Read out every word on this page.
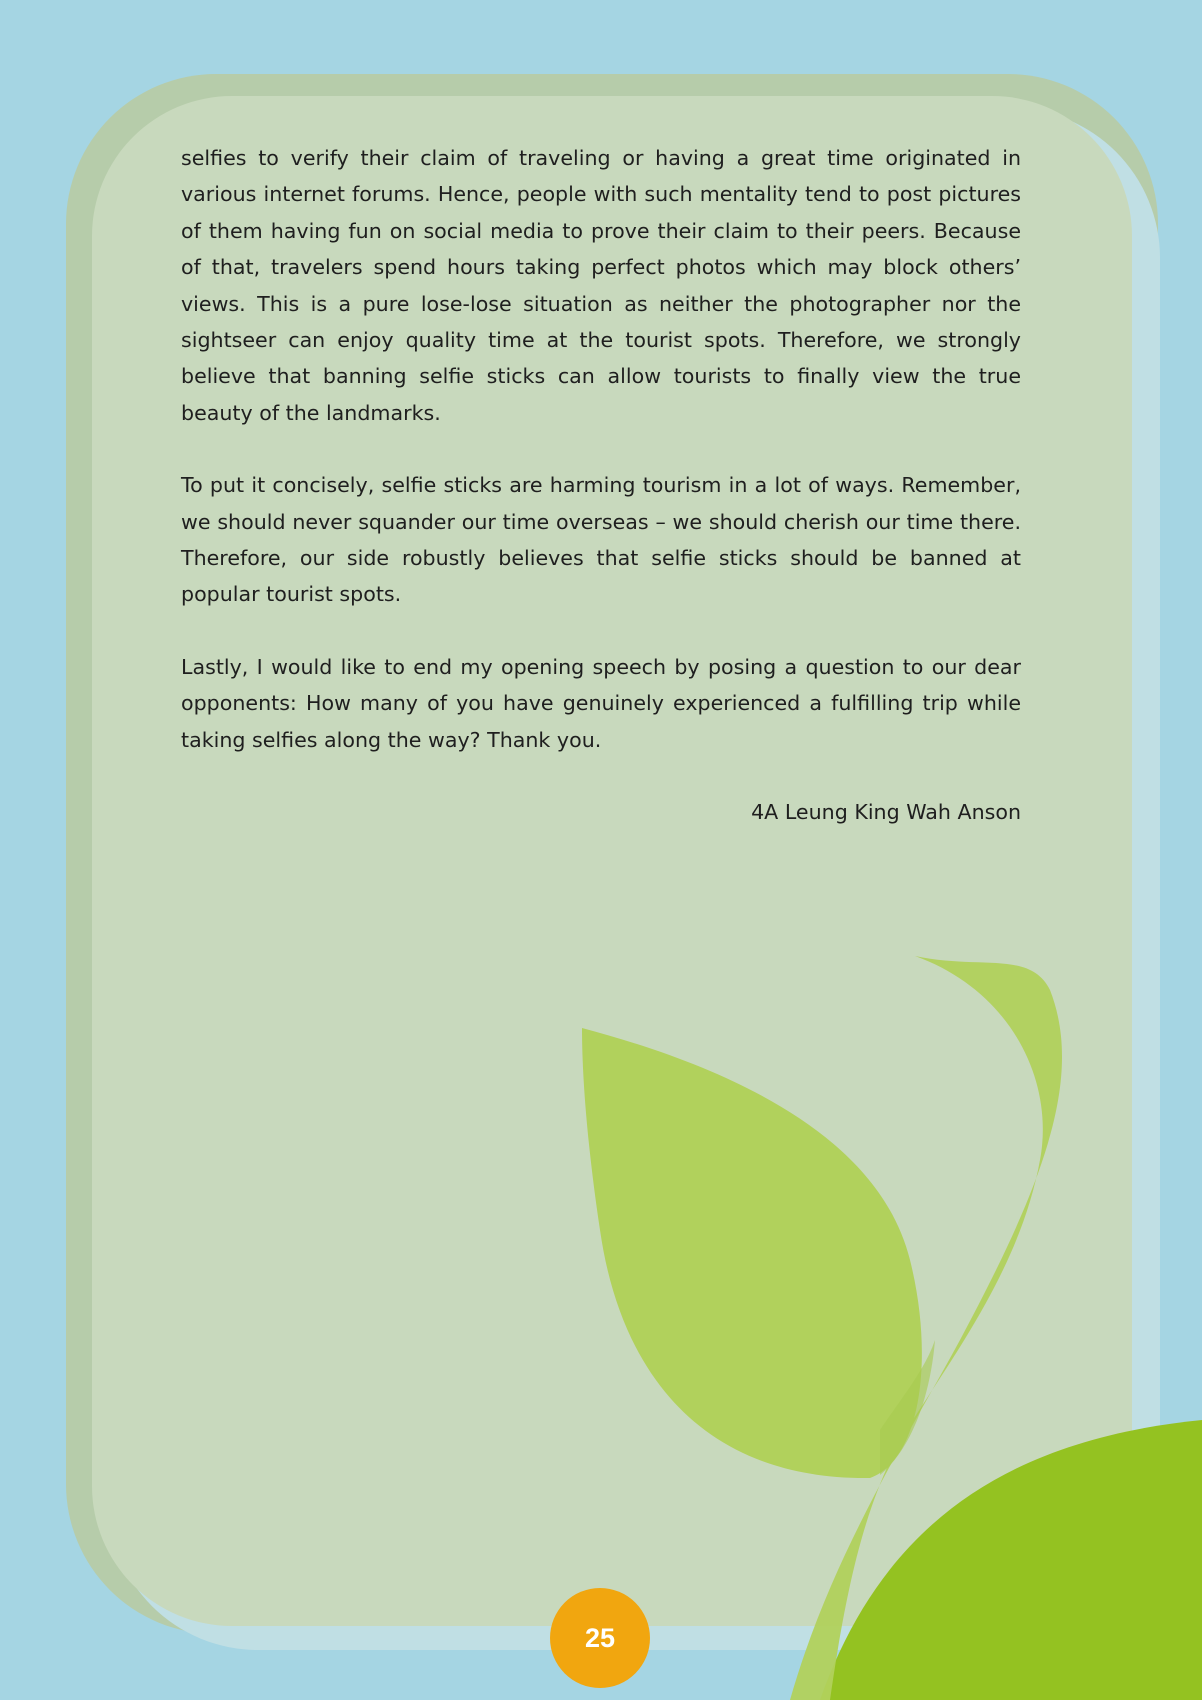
selfies to verify their claim of traveling or having a great time originated in various internet forums. Hence, people with such mentality tend to post pictures of them having fun on social media to prove their claim to their peers. Because of that, travelers spend hours taking perfect photos which may block others’ views. This is a pure lose-lose situation as neither the photographer nor the sightseer can enjoy quality time at the tourist spots. Therefore, we strongly believe that banning selfie sticks can allow tourists to finally view the true beauty of the landmarks.

To put it concisely, selfie sticks are harming tourism in a lot of ways. Remember, we should never squander our time overseas – we should cherish our time there. Therefore, our side robustly believes that selfie sticks should be banned at popular tourist spots.

Lastly, I would like to end my opening speech by posing a question to our dear opponents: How many of you have genuinely experienced a fulfilling trip while taking selfies along the way? Thank you.

4A Leung King Wah Anson

25
